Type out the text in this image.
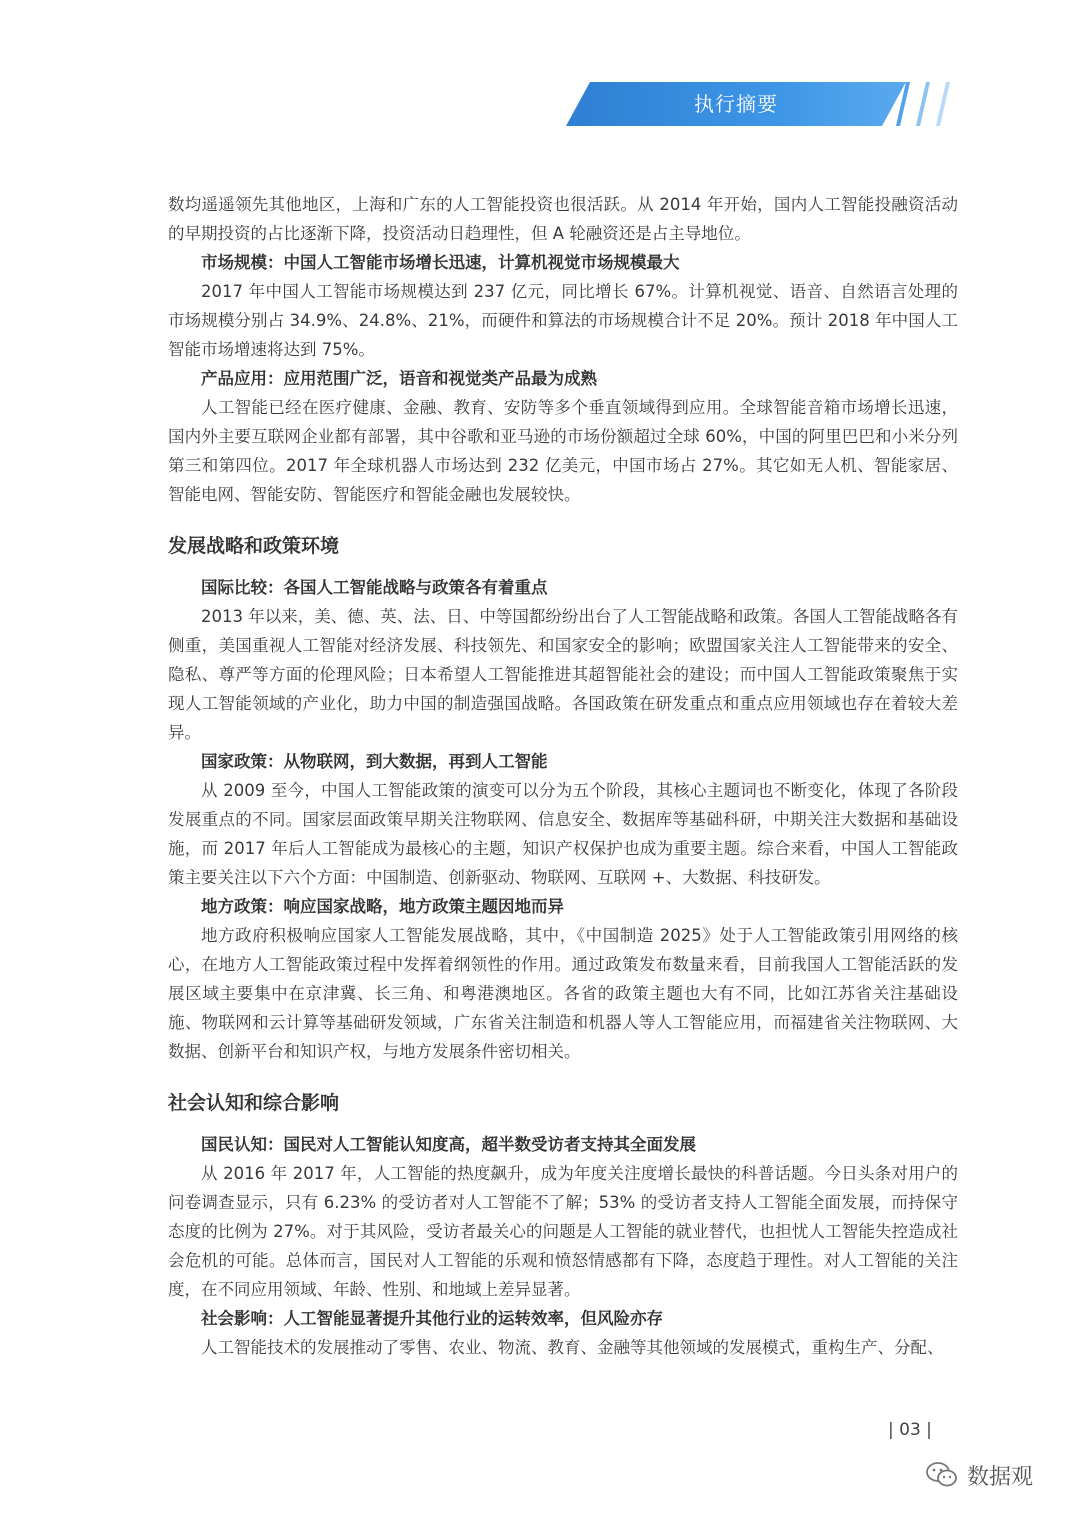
执行摘要

数均遥遥领先其他地区，上海和广东的人工智能投资也很活跃。从 2014 年开始，国内人工智能投融资活动的早期投资的占比逐渐下降，投资活动日趋理性，但 A 轮融资还是占主导地位。

市场规模：中国人工智能市场增长迅速，计算机视觉市场规模最大

2017 年中国人工智能市场规模达到 237 亿元，同比增长 67%。计算机视觉、语音、自然语言处理的市场规模分别占 34.9%、24.8%、21%，而硬件和算法的市场规模合计不足 20%。预计 2018 年中国人工智能市场增速将达到 75%。

产品应用：应用范围广泛，语音和视觉类产品最为成熟

人工智能已经在医疗健康、金融、教育、安防等多个垂直领域得到应用。全球智能音箱市场增长迅速，国内外主要互联网企业都有部署，其中谷歌和亚马逊的市场份额超过全球 60%，中国的阿里巴巴和小米分列第三和第四位。2017 年全球机器人市场达到 232 亿美元，中国市场占 27%。其它如无人机、智能家居、智能电网、智能安防、智能医疗和智能金融也发展较快。

发展战略和政策环境

国际比较：各国人工智能战略与政策各有着重点

2013 年以来，美、德、英、法、日、中等国都纷纷出台了人工智能战略和政策。各国人工智能战略各有侧重，美国重视人工智能对经济发展、科技领先、和国家安全的影响；欧盟国家关注人工智能带来的安全、隐私、尊严等方面的伦理风险；日本希望人工智能推进其超智能社会的建设；而中国人工智能政策聚焦于实现人工智能领域的产业化，助力中国的制造强国战略。各国政策在研发重点和重点应用领域也存在着较大差异。

国家政策：从物联网，到大数据，再到人工智能

从 2009 至今，中国人工智能政策的演变可以分为五个阶段，其核心主题词也不断变化，体现了各阶段发展重点的不同。国家层面政策早期关注物联网、信息安全、数据库等基础科研，中期关注大数据和基础设施，而 2017 年后人工智能成为最核心的主题，知识产权保护也成为重要主题。综合来看，中国人工智能政策主要关注以下六个方面：中国制造、创新驱动、物联网、互联网 +、大数据、科技研发。

地方政策：响应国家战略，地方政策主题因地而异

地方政府积极响应国家人工智能发展战略，其中，《中国制造 2025》处于人工智能政策引用网络的核心，在地方人工智能政策过程中发挥着纲领性的作用。通过政策发布数量来看，目前我国人工智能活跃的发展区域主要集中在京津冀、长三角、和粤港澳地区。各省的政策主题也大有不同，比如江苏省关注基础设施、物联网和云计算等基础研发领域，广东省关注制造和机器人等人工智能应用，而福建省关注物联网、大数据、创新平台和知识产权，与地方发展条件密切相关。

社会认知和综合影响

国民认知：国民对人工智能认知度高，超半数受访者支持其全面发展

从 2016 年 2017 年，人工智能的热度飙升，成为年度关注度增长最快的科普话题。今日头条对用户的问卷调查显示，只有 6.23% 的受访者对人工智能不了解；53% 的受访者支持人工智能全面发展，而持保守态度的比例为 27%。对于其风险，受访者最关心的问题是人工智能的就业替代，也担忧人工智能失控造成社会危机的可能。总体而言，国民对人工智能的乐观和愤怒情感都有下降，态度趋于理性。对人工智能的关注度，在不同应用领域、年龄、性别、和地域上差异显著。

社会影响：人工智能显著提升其他行业的运转效率，但风险亦存

人工智能技术的发展推动了零售、农业、物流、教育、金融等其他领域的发展模式，重构生产、分配、

| 03 |
数据观
